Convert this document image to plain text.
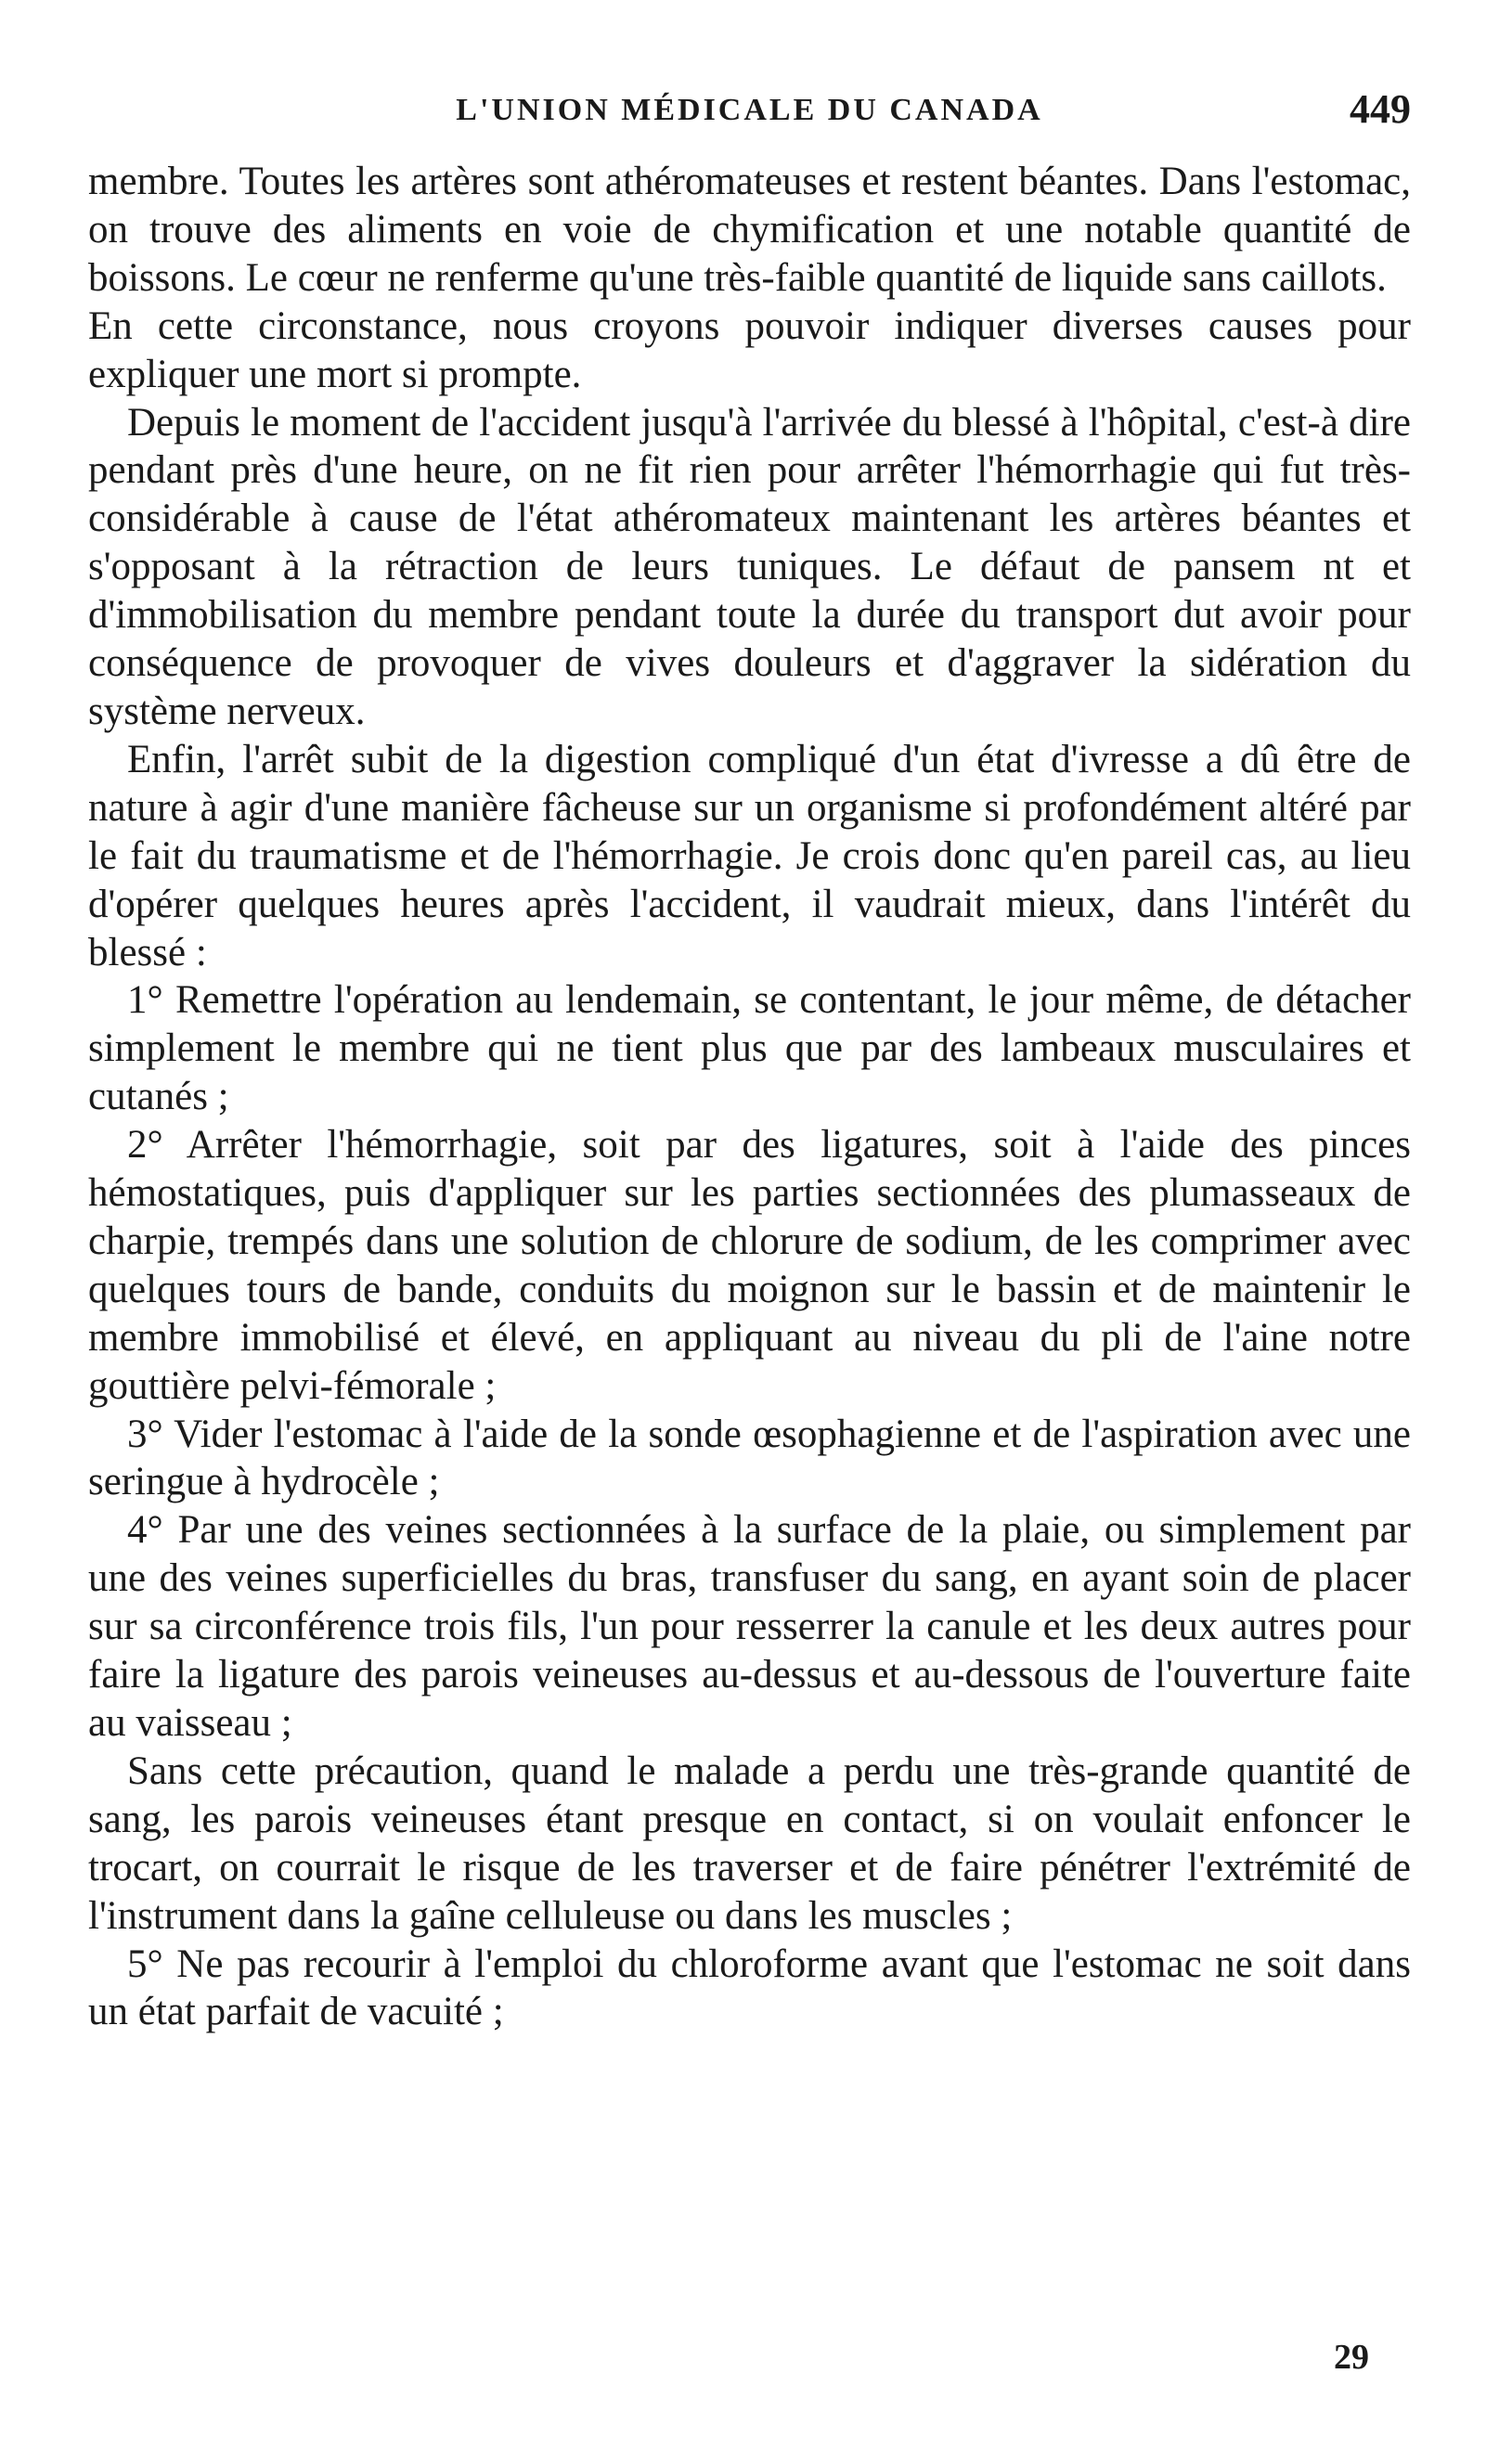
L'UNION MÉDICALE DU CANADA	449

membre. Toutes les artères sont athéromateuses et restent béantes. Dans l'estomac, on trouve des aliments en voie de chymification et une notable quantité de boissons. Le cœur ne renferme qu'une très-faible quantité de liquide sans caillots.

En cette circonstance, nous croyons pouvoir indiquer diverses causes pour expliquer une mort si prompte.

Depuis le moment de l'accident jusqu'à l'arrivée du blessé à l'hôpital, c'est-à dire pendant près d'une heure, on ne fit rien pour arrêter l'hémorrhagie qui fut très-considérable à cause de l'état athéromateux maintenant les artères béantes et s'opposant à la rétraction de leurs tuniques. Le défaut de pansem nt et d'immobilisation du membre pendant toute la durée du transport dut avoir pour conséquence de provoquer de vives douleurs et d'aggraver la sidération du système nerveux.

Enfin, l'arrêt subit de la digestion compliqué d'un état d'ivresse a dû être de nature à agir d'une manière fâcheuse sur un organisme si profondément altéré par le fait du traumatisme et de l'hémorrhagie. Je crois donc qu'en pareil cas, au lieu d'opérer quelques heures après l'accident, il vaudrait mieux, dans l'intérêt du blessé :

1° Remettre l'opération au lendemain, se contentant, le jour même, de détacher simplement le membre qui ne tient plus que par des lambeaux musculaires et cutanés ;

2° Arrêter l'hémorrhagie, soit par des ligatures, soit à l'aide des pinces hémostatiques, puis d'appliquer sur les parties sectionnées des plumasseaux de charpie, trempés dans une solution de chlorure de sodium, de les comprimer avec quelques tours de bande, conduits du moignon sur le bassin et de maintenir le membre immobilisé et élevé, en appliquant au niveau du pli de l'aine notre gouttière pelvi-fémorale ;

3° Vider l'estomac à l'aide de la sonde œsophagienne et de l'aspiration avec une seringue à hydrocèle ;

4° Par une des veines sectionnées à la surface de la plaie, ou simplement par une des veines superficielles du bras, transfuser du sang, en ayant soin de placer sur sa circonférence trois fils, l'un pour resserrer la canule et les deux autres pour faire la ligature des parois veineuses au-dessus et au-dessous de l'ouverture faite au vaisseau ;

Sans cette précaution, quand le malade a perdu une très-grande quantité de sang, les parois veineuses étant presque en contact, si on voulait enfoncer le trocart, on courrait le risque de les traverser et de faire pénétrer l'extrémité de l'instrument dans la gaîne celluleuse ou dans les muscles ;

5° Ne pas recourir à l'emploi du chloroforme avant que l'estomac ne soit dans un état parfait de vacuité ;

29
